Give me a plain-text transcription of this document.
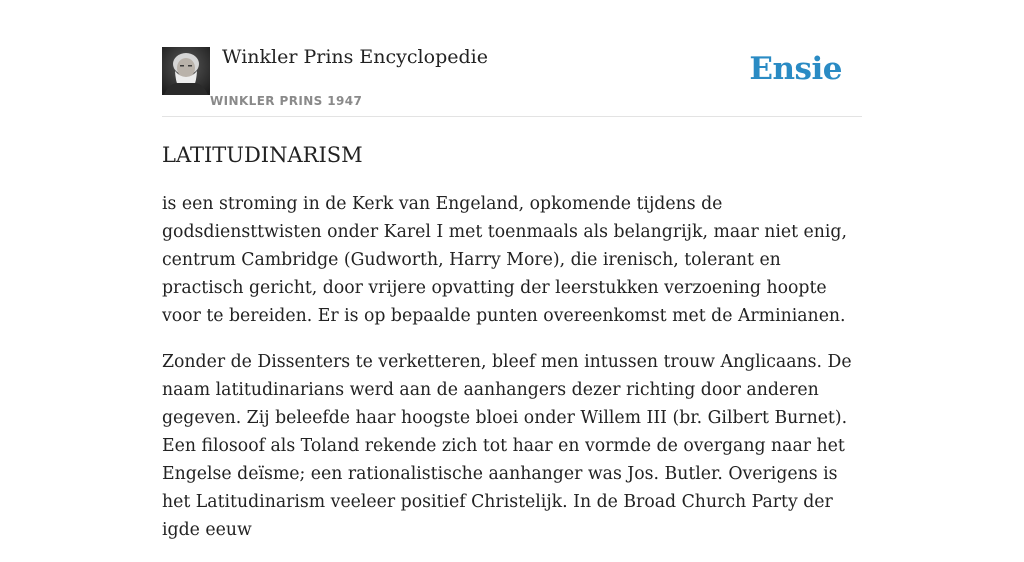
Winkler Prins Encyclopedie
WINKLER PRINS 1947
Ensie
LATITUDINARISM

is een stroming in de Kerk van Engeland, opkomende tijdens de godsdiensttwisten onder Karel I met toenmaals als belangrijk, maar niet enig, centrum Cambridge (Gudworth, Harry More), die irenisch, tolerant en practisch gericht, door vrijere opvatting der leerstukken verzoening hoopte voor te bereiden. Er is op bepaalde punten overeenkomst met de Arminianen.

Zonder de Dissenters te verketteren, bleef men intussen trouw Anglicaans. De naam latitudinarians werd aan de aanhangers dezer richting door anderen gegeven. Zij beleefde haar hoogste bloei onder Willem III (br. Gilbert Burnet). Een filosoof als Toland rekende zich tot haar en vormde de overgang naar het Engelse deïsme; een rationalistische aanhanger was Jos. Butler. Overigens is het Latitudinarism veeleer positief Christelijk. In de Broad Church Party der igde eeuw
